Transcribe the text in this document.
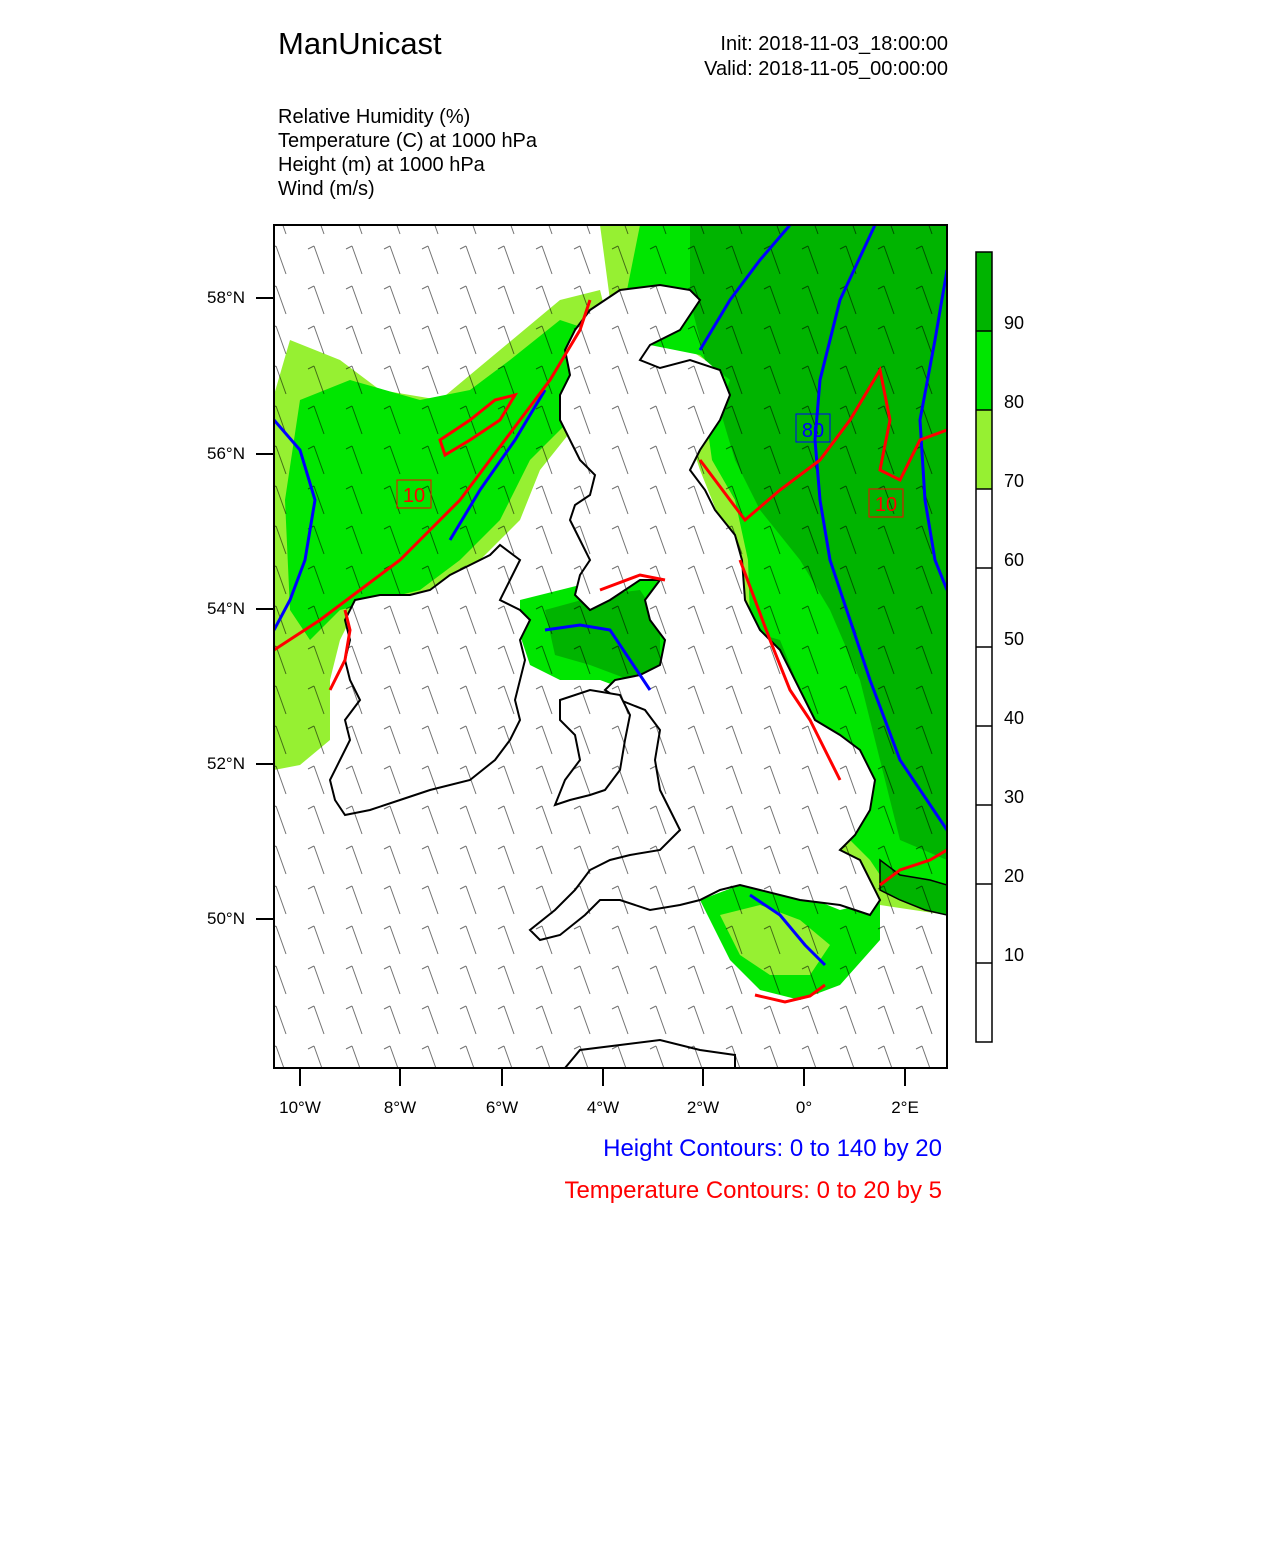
ManUnicast	Init: 2018-11-03_18:00:00
Valid: 2018-11-05_00:00:00
Relative Humidity (%)
Temperature (C) at 1000 hPa
Height (m) at 1000 hPa
Wind (m/s)
80
10	10
58°N
56°N
54°N
52°N
50°N
10°W	8°W	6°W	4°W	2°W	0°	2°E
90
80
70
60
50
40
30
20
10
Height Contours: 0 to 140 by 20
Temperature Contours: 0 to 20 by 5
